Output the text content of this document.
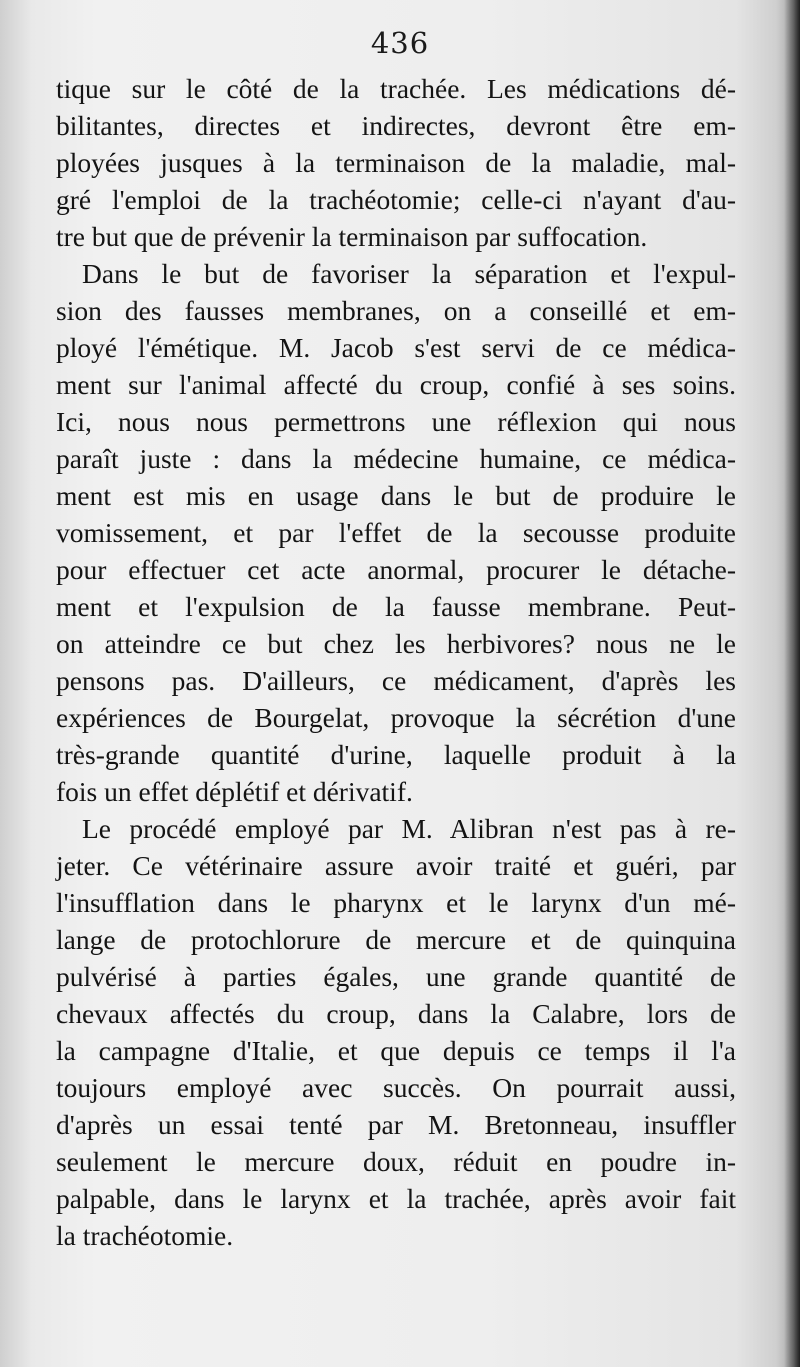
436
tique sur le côté de la trachée. Les médications dé-
bilitantes, directes et indirectes, devront être em-
ployées jusques à la terminaison de la maladie, mal-
gré l'emploi de la trachéotomie; celle-ci n'ayant d'au-
tre but que de prévenir la terminaison par suffocation.
Dans le but de favoriser la séparation et l'expul-
sion des fausses membranes, on a conseillé et em-
ployé l'émétique. M. Jacob s'est servi de ce médica-
ment sur l'animal affecté du croup, confié à ses soins.
Ici, nous nous permettrons une réflexion qui nous
paraît juste : dans la médecine humaine, ce médica-
ment est mis en usage dans le but de produire le
vomissement, et par l'effet de la secousse produite
pour effectuer cet acte anormal, procurer le détache-
ment et l'expulsion de la fausse membrane. Peut-
on atteindre ce but chez les herbivores? nous ne le
pensons pas. D'ailleurs, ce médicament, d'après les
expériences de Bourgelat, provoque la sécrétion d'une
très-grande quantité d'urine, laquelle produit à la
fois un effet déplétif et dérivatif.
Le procédé employé par M. Alibran n'est pas à re-
jeter. Ce vétérinaire assure avoir traité et guéri, par
l'insufflation dans le pharynx et le larynx d'un mé-
lange de protochlorure de mercure et de quinquina
pulvérisé à parties égales, une grande quantité de
chevaux affectés du croup, dans la Calabre, lors de
la campagne d'Italie, et que depuis ce temps il l'a
toujours employé avec succès. On pourrait aussi,
d'après un essai tenté par M. Bretonneau, insuffler
seulement le mercure doux, réduit en poudre in-
palpable, dans le larynx et la trachée, après avoir fait
la trachéotomie.
